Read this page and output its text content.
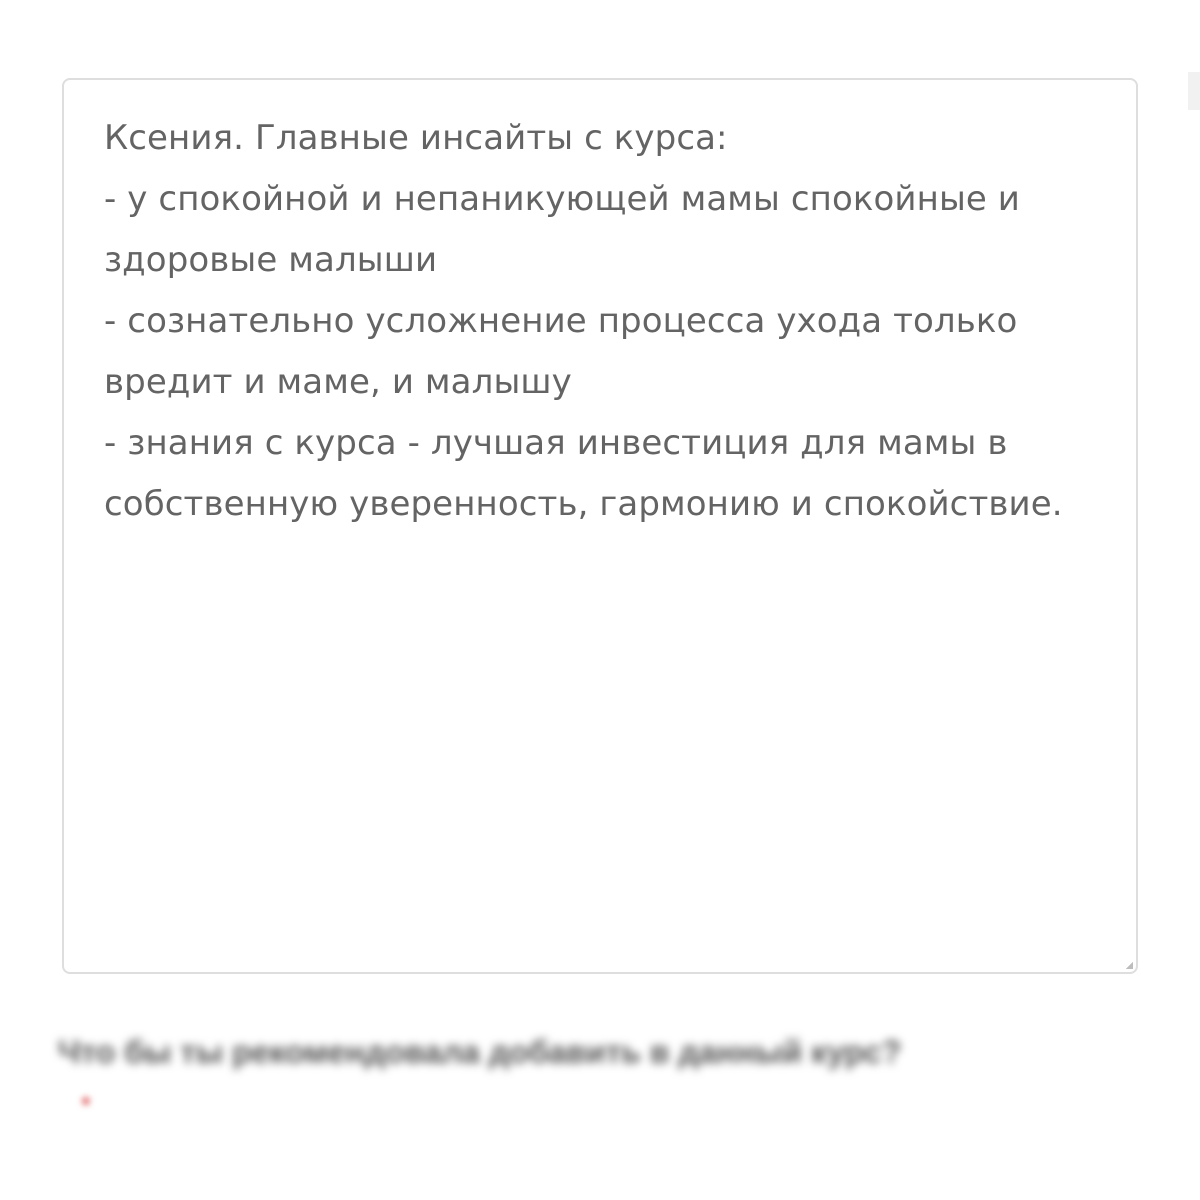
Ксения. Главные инсайты с курса:
- у спокойной и непаникующей мамы спокойные и здоровые малыши
- сознательно усложнение процесса ухода только вредит и маме, и малышу
- знания с курса - лучшая инвестиция для мамы в собственную уверенность, гармонию и спокойствие.

Что бы ты рекомендовала добавить в данный курс?
*
